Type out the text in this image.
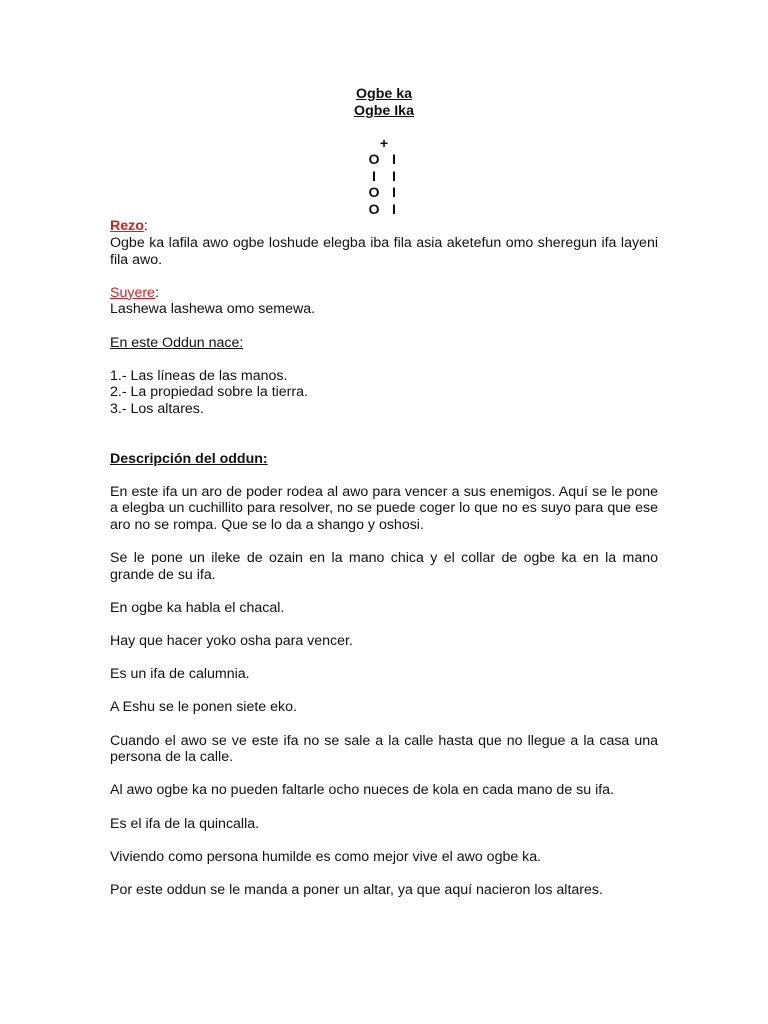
Ogbe ka
Ogbe Ika
+
O		I
I		I
O		I
O		I

Rezo:

Ogbe ka lafila awo ogbe loshude elegba iba fila asia aketefun omo sheregun ifa layeni fila awo.

Suyere:

Lashewa lashewa omo semewa.

En este Oddun nace:

1.- Las líneas de las manos.

2.- La propiedad sobre la tierra.

3.- Los altares.

Descripción del oddun:

En este ifa un aro de poder rodea al awo para vencer a sus enemigos. Aquí se le pone a elegba un cuchillito para resolver, no se puede coger lo que no es suyo para que ese aro no se rompa. Que se lo da a shango y oshosi.

Se le pone un ileke de ozain en la mano chica y el collar de ogbe ka en la mano grande de su ifa.

En ogbe ka habla el chacal.

Hay que hacer yoko osha para vencer.

Es un ifa de calumnia.

A Eshu se le ponen siete eko.

Cuando el awo se ve este ifa no se sale a la calle hasta que no llegue a la casa una persona de la calle.

Al awo ogbe ka no pueden faltarle ocho nueces de kola en cada mano de su ifa.

Es el ifa de la quincalla.

Viviendo como persona humilde es como mejor vive el awo ogbe ka.

Por este oddun se le manda a poner un altar, ya que aquí nacieron los altares.
